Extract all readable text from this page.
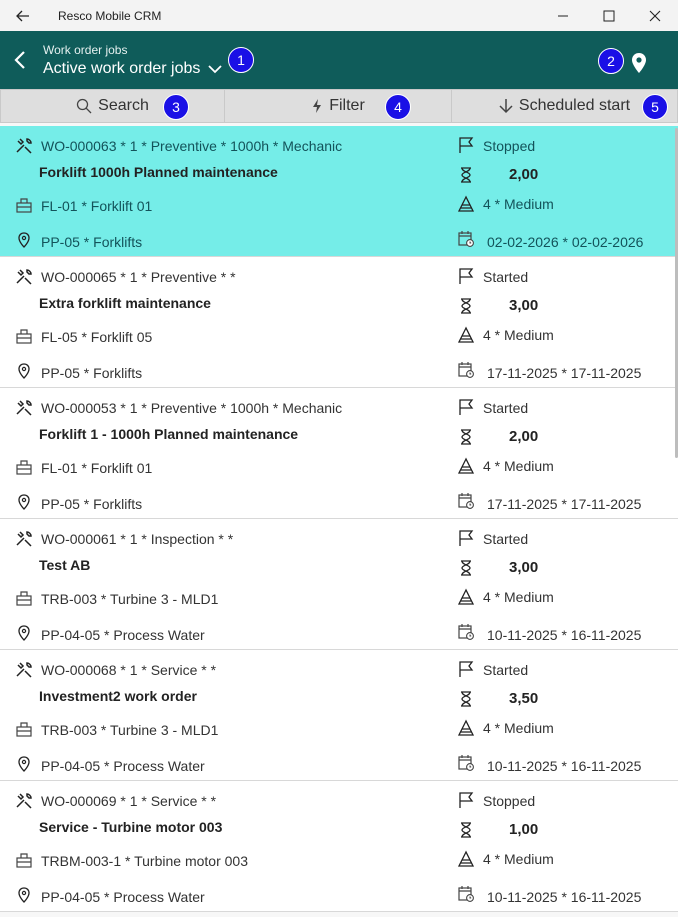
Resco Mobile CRM
Work order jobs
Active work order jobs
Search	Filter	Scheduled start
1	2
3	4	5
WO-000063 * 1 * Preventive * 1000h * Mechanic
Forklift 1000h Planned maintenance
FL-01 * Forklift 01
PP-05 * Forklifts
Stopped
2,00
4 * Medium
02-02-2026 * 02-02-2026
WO-000065 * 1 * Preventive * *
Extra forklift maintenance
FL-05 * Forklift 05
PP-05 * Forklifts
Started
3,00
4 * Medium
17-11-2025 * 17-11-2025
WO-000053 * 1 * Preventive * 1000h * Mechanic
Forklift 1 - 1000h Planned maintenance
FL-01 * Forklift 01
PP-05 * Forklifts
Started
2,00
4 * Medium
17-11-2025 * 17-11-2025
WO-000061 * 1 * Inspection * *
Test AB
TRB-003 * Turbine 3 - MLD1
PP-04-05 * Process Water
Started
3,00
4 * Medium
10-11-2025 * 16-11-2025
WO-000068 * 1 * Service * *
Investment2 work order
TRB-003 * Turbine 3 - MLD1
PP-04-05 * Process Water
Started
3,50
4 * Medium
10-11-2025 * 16-11-2025
WO-000069 * 1 * Service * *
Service - Turbine motor 003
TRBM-003-1 * Turbine motor 003
PP-04-05 * Process Water
Stopped
1,00
4 * Medium
10-11-2025 * 16-11-2025
